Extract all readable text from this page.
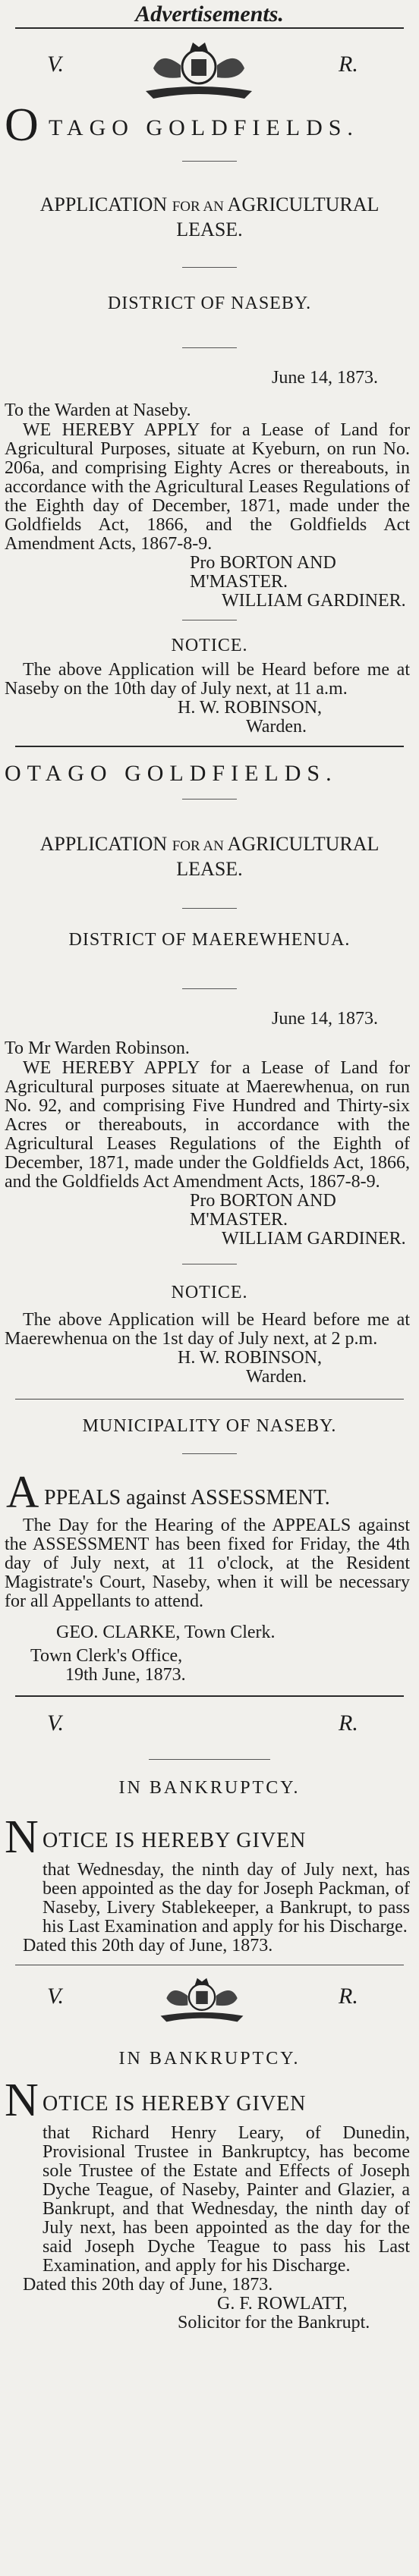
Advertisements.
V.	R.
O TAGO GOLDFIELDS.
APPLICATION FOR AN AGRICULTURAL
LEASE.
DISTRICT OF NASEBY.
June 14, 1873.
To the Warden at Naseby.

WE HEREBY APPLY for a Lease of Land for Agricultural Purposes, situate at Kyeburn, on run No. 206a, and comprising Eighty Acres or thereabouts, in accordance with the Agricultural Leases Regulations of the Eighth day of December, 1871, made under the Goldfields Act, 1866, and the Goldfields Act Amendment Acts, 1867-8-9.

Pro BORTON AND M'MASTER.
WILLIAM GARDINER.
NOTICE.

The above Application will be Heard before me at Naseby on the 10th day of July next, at 11 a.m.

H. W. ROBINSON,
Warden.
OTAGO GOLDFIELDS.
APPLICATION FOR AN AGRICULTURAL
LEASE.
DISTRICT OF MAEREWHENUA.
June 14, 1873.
To Mr Warden Robinson.

WE HEREBY APPLY for a Lease of Land for Agricultural purposes situate at Maerewhenua, on run No. 92, and comprising Five Hundred and Thirty-six Acres or thereabouts, in accordance with the Agricultural Leases Regulations of the Eighth of December, 1871, made under the Goldfields Act, 1866, and the Goldfields Act Amendment Acts, 1867-8-9.

Pro BORTON AND M'MASTER.
WILLIAM GARDINER.
NOTICE.

The above Application will be Heard before me at Maerewhenua on the 1st day of July next, at 2 p.m.

H. W. ROBINSON,
Warden.
MUNICIPALITY OF NASEBY.
A PPEALS against ASSESSMENT.

The Day for the Hearing of the APPEALS against the ASSESSMENT has been fixed for Friday, the 4th day of July next, at 11 o'clock, at the Resident Magistrate's Court, Naseby, when it will be necessary for all Appellants to attend.

GEO. CLARKE, Town Clerk.
Town Clerk's Office,
19th June, 1873.
V.	R.
IN BANKRUPTCY.
N OTICE IS HEREBY GIVEN

that Wednesday, the ninth day of July next, has been appointed as the day for Joseph Packman, of Naseby, Livery Stablekeeper, a Bankrupt, to pass his Last Examination and apply for his Discharge.

Dated this 20th day of June, 1873.
V.	R.
IN BANKRUPTCY.
N OTICE IS HEREBY GIVEN

that Richard Henry Leary, of Dunedin, Provisional Trustee in Bankruptcy, has become sole Trustee of the Estate and Effects of Joseph Dyche Teague, of Naseby, Painter and Glazier, a Bankrupt, and that Wednesday, the ninth day of July next, has been appointed as the day for the said Joseph Dyche Teague to pass his Last Examination, and apply for his Discharge.

Dated this 20th day of June, 1873.
G. F. ROWLATT,
Solicitor for the Bankrupt.
